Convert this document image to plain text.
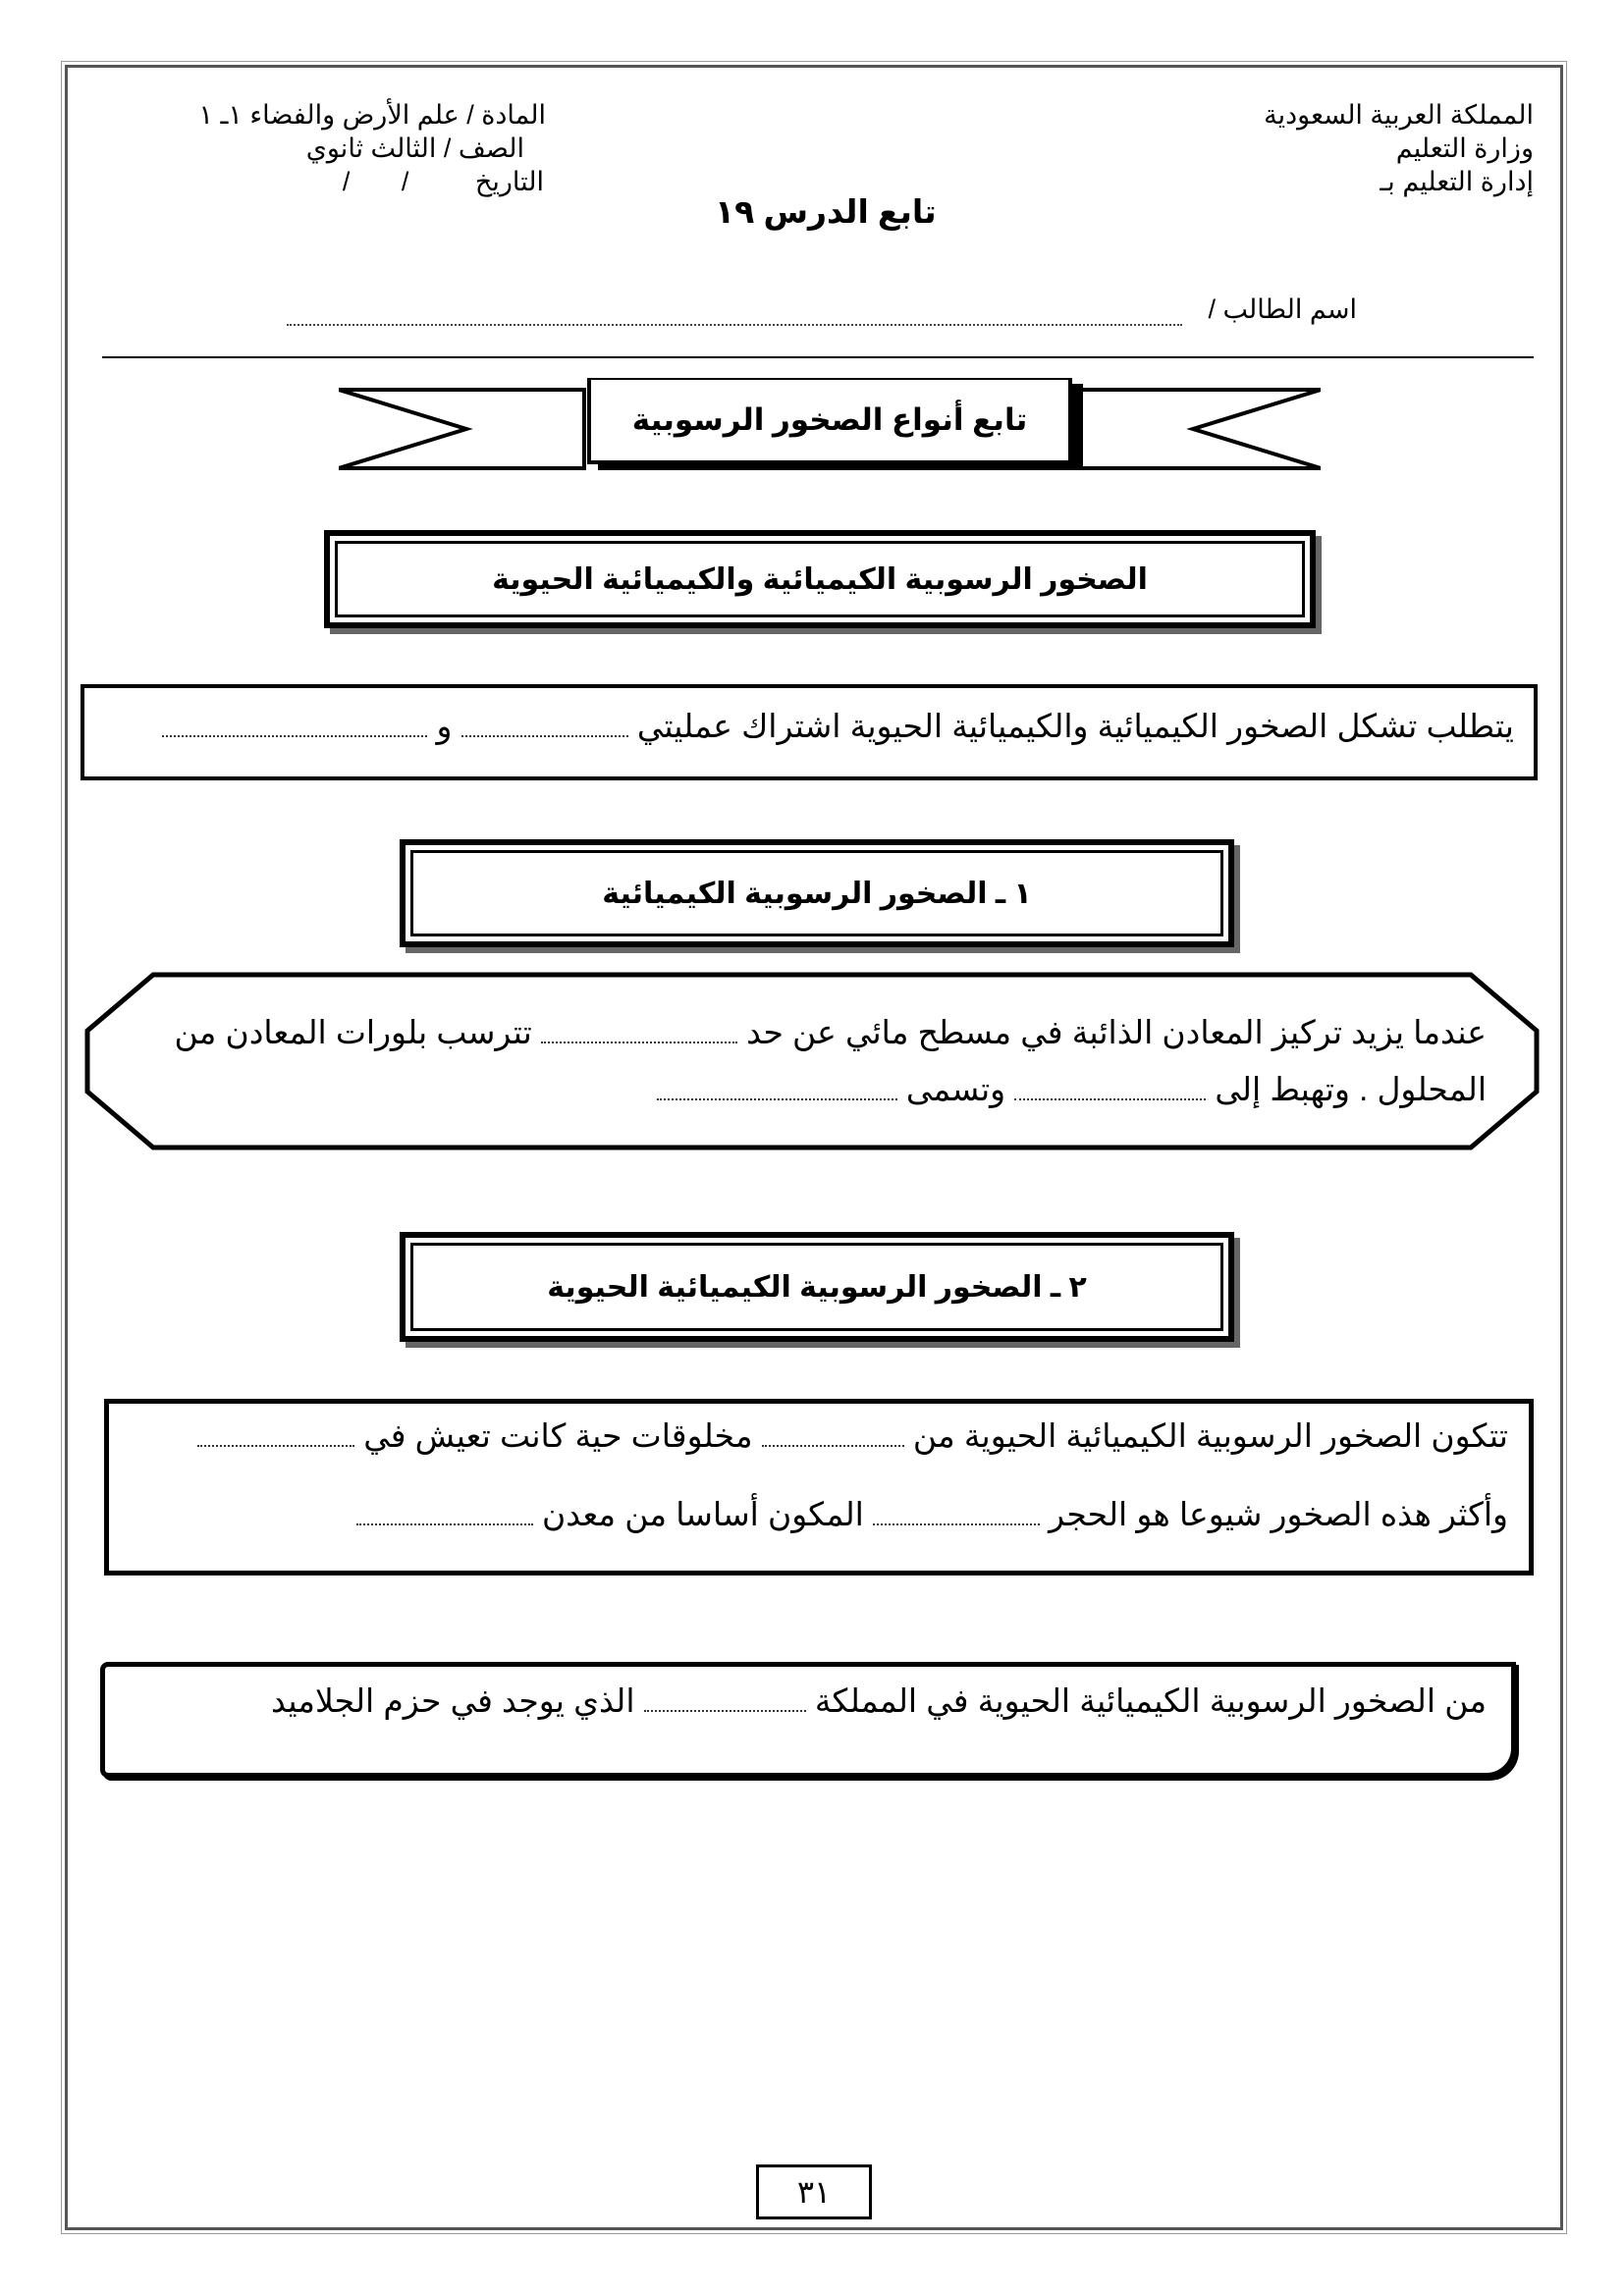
المملكة العربية السعودية
وزارة التعليم
إدارة التعليم بـ
المادة / علم الأرض والفضاء ١ـ ١
الصف / الثالث ثانوي
التاريخ /       /
تابع الدرس ١٩
اسم الطالب /
تابع أنواع الصخور الرسوبية
الصخور الرسوبية الكيميائية والكيميائية الحيوية
يتطلب تشكل الصخور الكيميائية والكيميائية الحيوية اشتراك عمليتي  و
١ ـ الصخور الرسوبية الكيميائية
عندما يزيد تركيز المعادن الذائبة في مسطح مائي عن حد  تترسب بلورات المعادن من
المحلول . وتهبط إلى  وتسمى
٢ ـ الصخور الرسوبية الكيميائية الحيوية
تتكون الصخور الرسوبية الكيميائية الحيوية من  مخلوقات حية كانت تعيش في
وأكثر هذه الصخور شيوعا هو الحجر  المكون أساسا من معدن
من الصخور الرسوبية الكيميائية الحيوية في المملكة  الذي يوجد في حزم الجلاميد
٣١
